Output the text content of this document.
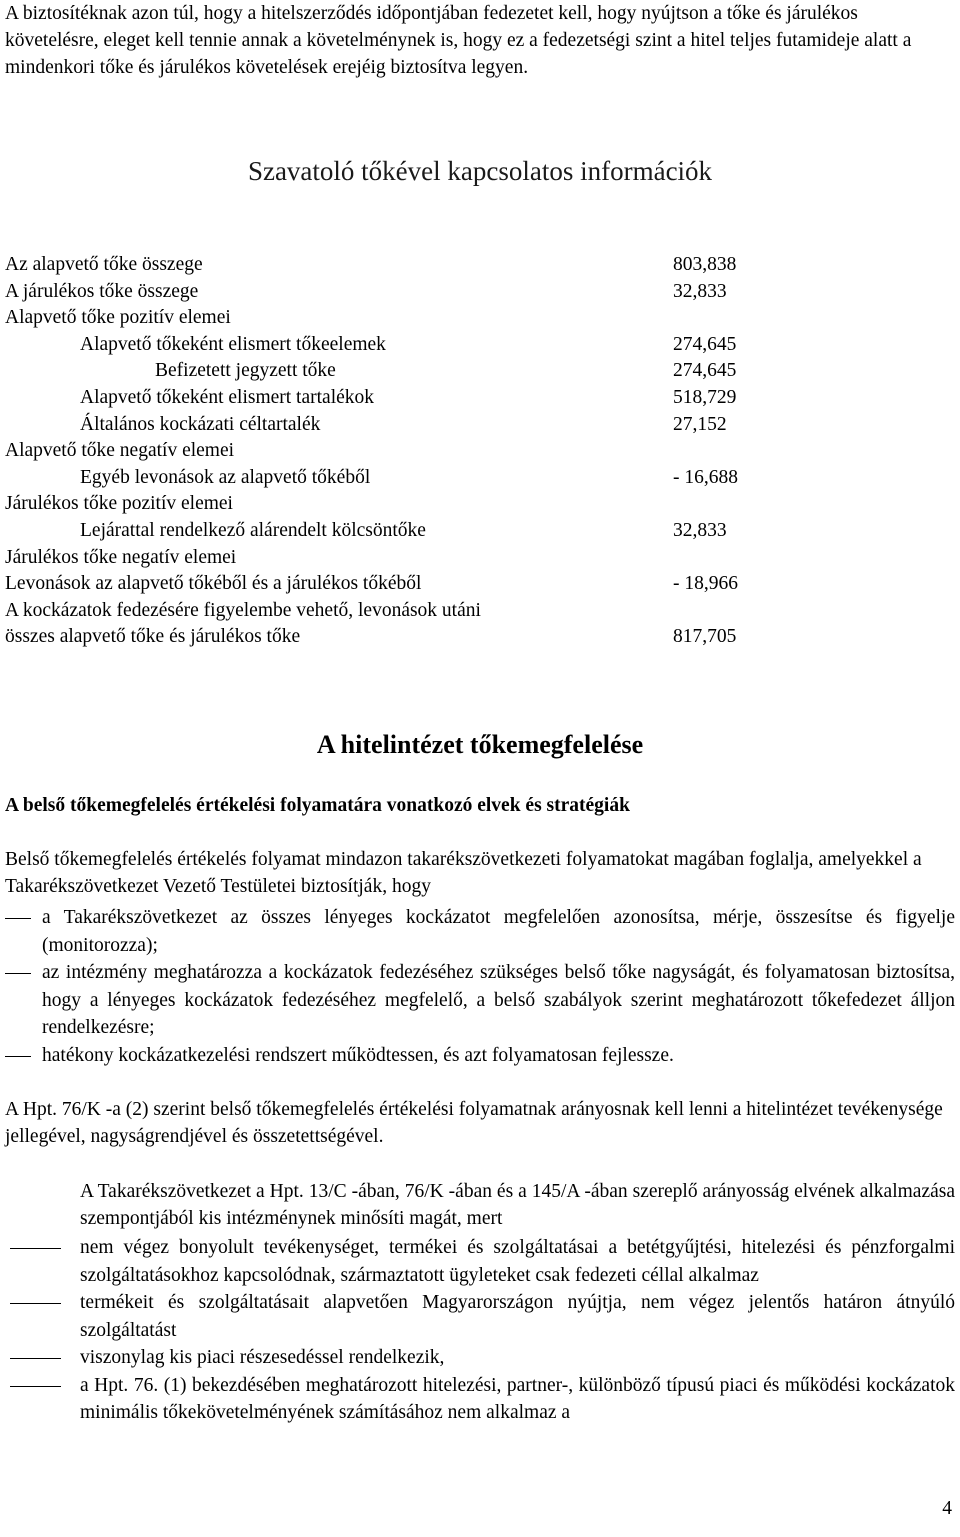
A biztosítéknak azon túl, hogy a hitelszerződés időpontjában fedezetet kell, hogy nyújtson a tőke és járulékos követelésre, eleget kell tennie annak a követelménynek is, hogy ez a fedezetségi szint a hitel teljes futamideje alatt a mindenkori tőke és járulékos követelések erejéig biztosítva legyen.
Szavatoló tőkével kapcsolatos információk
Az alapvető tőke összege	803,838
A járulékos tőke összege	32,833
Alapvető tőke pozitív elemei
Alapvető tőkeként elismert tőkeelemek	274,645
Befizetett jegyzett tőke	274,645
Alapvető tőkeként elismert tartalékok	518,729
Általános kockázati céltartalék	27,152
Alapvető tőke negatív elemei
Egyéb levonások az alapvető tőkéből	- 16,688
Járulékos tőke pozitív elemei
Lejárattal rendelkező alárendelt kölcsöntőke	32,833
Járulékos tőke negatív elemei
Levonások az alapvető tőkéből és a járulékos tőkéből	- 18,966
A kockázatok fedezésére figyelembe vehető, levonások utáni
összes alapvető tőke és járulékos tőke	817,705
A hitelintézet tőkemegfelelése
A belső tőkemegfelelés értékelési folyamatára vonatkozó elvek és stratégiák
Belső tőkemegfelelés értékelés folyamat mindazon takarékszövetkezeti folyamatokat magában foglalja, amelyekkel a Takarékszövetkezet Vezető Testületei biztosítják, hogy
a Takarékszövetkezet az összes lényeges kockázatot megfelelően azonosítsa, mérje, összesítse és figyelje (monitorozza);
az intézmény meghatározza a kockázatok fedezéséhez szükséges belső tőke nagyságát, és folyamatosan biztosítsa, hogy a lényeges kockázatok fedezéséhez megfelelő, a belső szabályok szerint meghatározott tőkefedezet álljon rendelkezésre;
hatékony kockázatkezelési rendszert működtessen, és azt folyamatosan fejlessze.
A Hpt. 76/K -a (2) szerint belső tőkemegfelelés értékelési folyamatnak arányosnak kell lenni a hitelintézet tevékenysége jellegével, nagyságrendjével és összetettségével.
A Takarékszövetkezet a Hpt. 13/C -ában, 76/K -ában és a 145/A -ában szereplő arányosság elvének alkalmazása szempontjából kis intézménynek minősíti magát, mert
nem végez bonyolult tevékenységet, termékei és szolgáltatásai a betétgyűjtési, hitelezési és pénzforgalmi szolgáltatásokhoz kapcsolódnak, származtatott ügyleteket csak fedezeti céllal alkalmaz
termékeit és szolgáltatásait alapvetően Magyarországon nyújtja, nem végez jelentős határon átnyúló szolgáltatást
viszonylag kis piaci részesedéssel rendelkezik,
a Hpt. 76. (1) bekezdésében meghatározott hitelezési, partner-, különböző típusú piaci és működési kockázatok minimális tőkekövetelményének számításához nem alkalmaz a
4
